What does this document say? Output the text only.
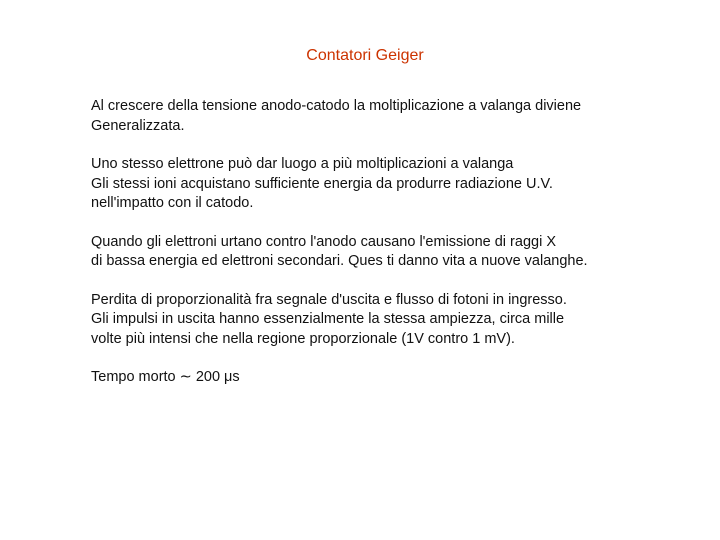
Contatori Geiger

Al crescere della tensione anodo-catodo la moltiplicazione a valanga diviene
Generalizzata.

Uno stesso elettrone può dar luogo a più moltiplicazioni a valanga
Gli stessi ioni acquistano sufficiente energia da produrre radiazione U.V.
nell'impatto con il catodo.

Quando gli elettroni urtano contro l'anodo causano l'emissione di raggi X
di bassa energia ed elettroni secondari. Ques ti danno vita a nuove valanghe.

Perdita di proporzionalità fra segnale d'uscita e flusso di fotoni in ingresso.
Gli impulsi in uscita hanno essenzialmente la stessa ampiezza, circa mille
volte più intensi che nella regione proporzionale (1V contro 1 mV).

Tempo morto ∼ 200 μs
